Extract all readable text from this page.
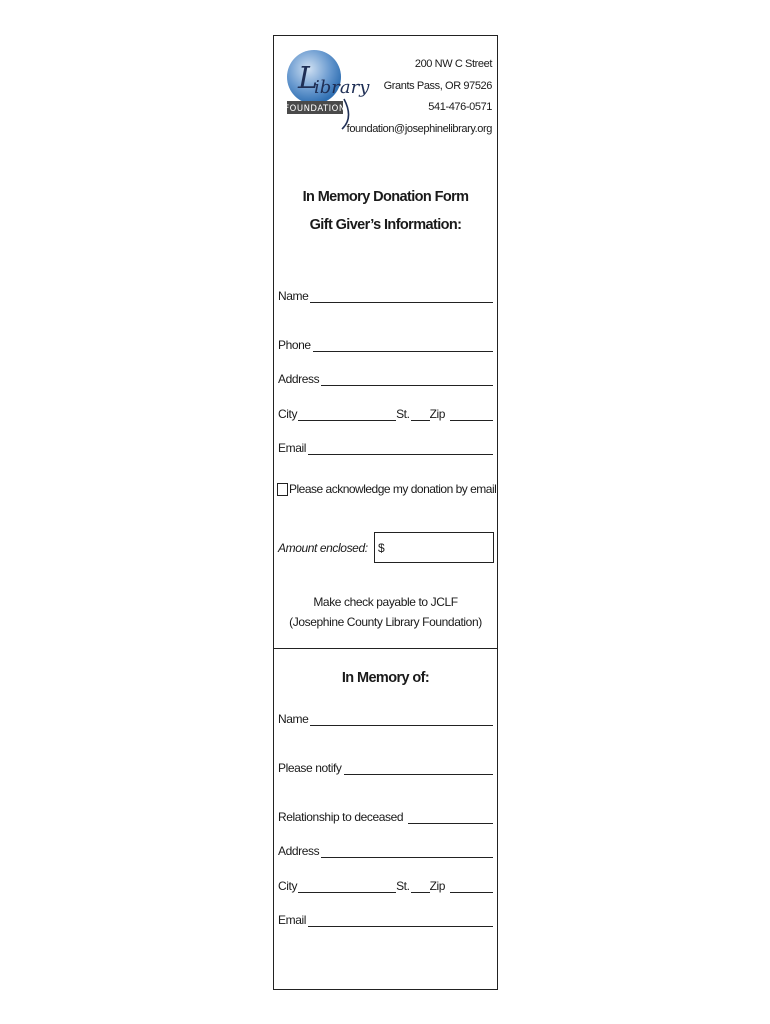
L
ibrary
FOUNDATION
200 NW C Street
Grants Pass, OR 97526
541-476-0571
foundation@josephinelibrary.org
In Memory Donation Form
Gift Giver’s Information:
Name
Phone
Address
City	St. Zip
Email
Please acknowledge my donation by email
Amount enclosed: $
Make check payable to JCLF
(Josephine County Library Foundation)
In Memory of:
Name
Please notify
Relationship to deceased
Address
City	St. Zip
Email
